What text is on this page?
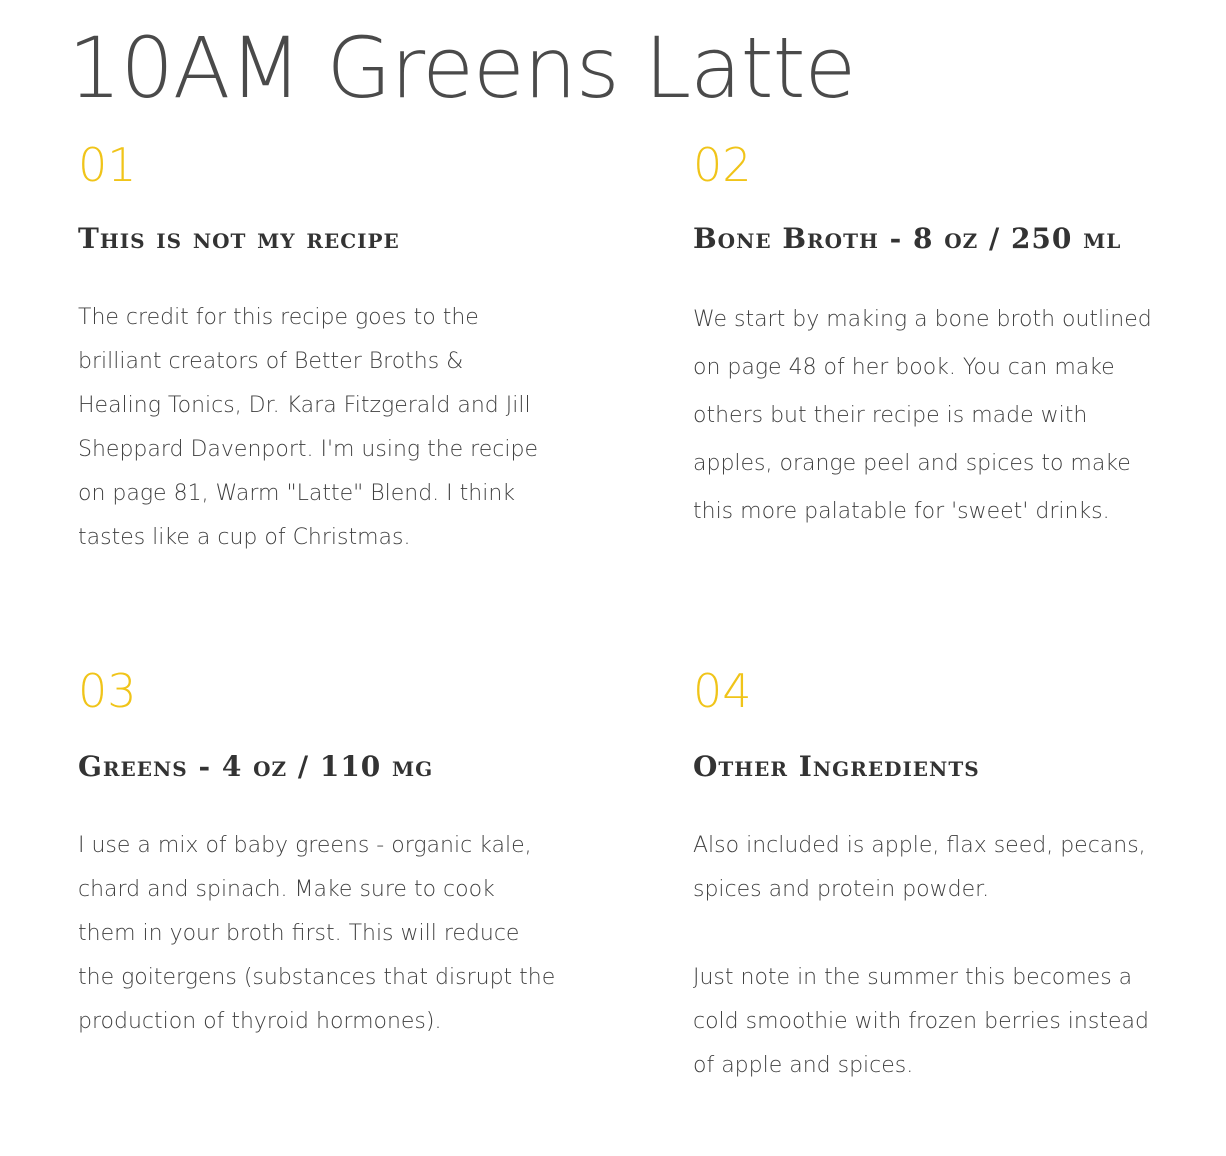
10AM Greens Latte
01
This is not my recipe

The credit for this recipe goes to the brilliant creators of Better Broths & Healing Tonics, Dr. Kara Fitzgerald and Jill Sheppard Davenport. I'm using the recipe on page 81, Warm "Latte" Blend. I think tastes like a cup of Christmas.

02
Bone Broth - 8 oz / 250 ml

We start by making a bone broth outlined on page 48 of her book. You can make others but their recipe is made with apples, orange peel and spices to make this more palatable for 'sweet' drinks.

03
Greens - 4 oz / 110 mg

I use a mix of baby greens - organic kale, chard and spinach. Make sure to cook them in your broth first. This will reduce the goitergens (substances that disrupt the production of thyroid hormones).

04
Other Ingredients

Also included is apple, flax seed, pecans, spices and protein powder.

Just note in the summer this becomes a cold smoothie with frozen berries instead of apple and spices.
